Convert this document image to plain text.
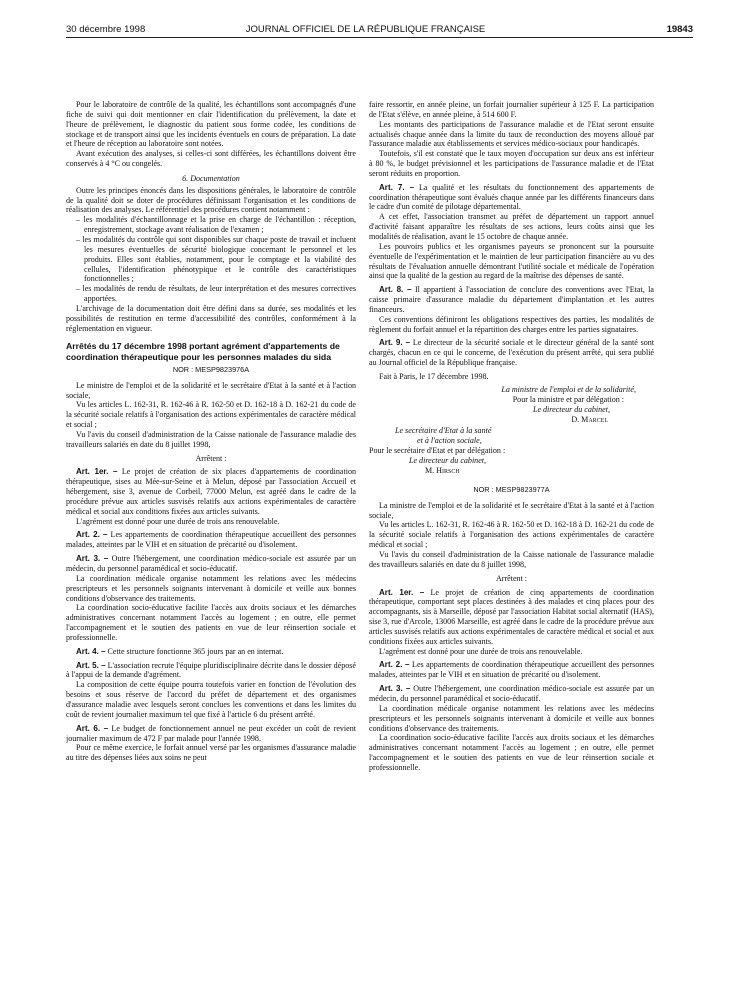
30 décembre 1998	JOURNAL OFFICIEL DE LA RÉPUBLIQUE FRANÇAISE	19843

Pour le laboratoire de contrôle de la qualité, les échantillons sont accompagnés d'une fiche de suivi qui doit mentionner en clair l'identification du prélèvement, la date et l'heure de prélèvement, le diagnostic du patient sous forme codée, les conditions de stockage et de transport ainsi que les incidents éventuels en cours de préparation. La date et l'heure de réception au laboratoire sont notées.

Avant exécution des analyses, si celles-ci sont différées, les échantillons doivent être conservés à 4 °C ou congelés.

6. Documentation

Outre les principes énoncés dans les dispositions générales, le laboratoire de contrôle de la qualité doit se doter de procédures définissant l'organisation et les conditions de réalisation des analyses. Le référentiel des procédures contient notamment :

– les modalités d'échantillonnage et la prise en charge de l'échantillon : réception, enregistrement, stockage avant réalisation de l'examen ;
– les modalités du contrôle qui sont disponibles sur chaque poste de travail et incluent les mesures éventuelles de sécurité biologique concernant le personnel et les produits. Elles sont établies, notamment, pour le comptage et la viabilité des cellules, l'identification phénotypique et le contrôle des caractéristiques fonctionnelles ;
– les modalités de rendu de résultats, de leur interprétation et des mesures correctives apportées.

L'archivage de la documentation doit être défini dans sa durée, ses modalités et les possibilités de restitution en terme d'accessibilité des contrôles, conformément à la réglementation en vigueur.

Arrêtés du 17 décembre 1998 portant agrément d'appartements de coordination thérapeutique pour les personnes malades du sida
NOR : MESP9823976A

Le ministre de l'emploi et de la solidarité et le secrétaire d'Etat à la santé et à l'action sociale,

Vu les articles L. 162-31, R. 162-46 à R. 162-50 et D. 162-18 à D. 162-21 du code de la sécurité sociale relatifs à l'organisation des actions expérimentales de caractère médical et social ;

Vu l'avis du conseil d'administration de la Caisse nationale de l'assurance maladie des travailleurs salariés en date du 8 juillet 1998,

Arrêtent :

Art. 1er. – Le projet de création de six places d'appartements de coordination thérapeutique, sises au Mée-sur-Seine et à Melun, déposé par l'association Accueil et hébergement, sise 3, avenue de Corbeil, 77000 Melun, est agréé dans le cadre de la procédure prévue aux articles susvisés relatifs aux actions expérimentales de caractère médical et social aux conditions fixées aux articles suivants.

L'agrément est donné pour une durée de trois ans renouvelable.

Art. 2. – Les appartements de coordination thérapeutique accueillent des personnes malades, atteintes par le VIH et en situation de précarité ou d'isolement.

Art. 3. – Outre l'hébergement, une coordination médico-sociale est assurée par un médecin, du personnel paramédical et socio-éducatif.

La coordination médicale organise notamment les relations avec les médecins prescripteurs et les personnels soignants intervenant à domicile et veille aux bonnes conditions d'observance des traitements.

La coordination socio-éducative facilite l'accès aux droits sociaux et les démarches administratives concernant notamment l'accès au logement ; en outre, elle permet l'accompagnement et le soutien des patients en vue de leur réinsertion sociale et professionnelle.

Art. 4. – Cette structure fonctionne 365 jours par an en internat.

Art. 5. – L'association recrute l'équipe pluridisciplinaire décrite dans le dossier déposé à l'appui de la demande d'agrément.

La composition de cette équipe pourra toutefois varier en fonction de l'évolution des besoins et sous réserve de l'accord du préfet de département et des organismes d'assurance maladie avec lesquels seront conclues les conventions et dans les limites du coût de revient journalier maximum tel que fixé à l'article 6 du présent arrêté.

Art. 6. – Le budget de fonctionnement annuel ne peut excéder un coût de revient journalier maximum de 472 F par malade pour l'année 1998.

Pour ce même exercice, le forfait annuel versé par les organismes d'assurance maladie au titre des dépenses liées aux soins ne peut

faire ressortir, en année pleine, un forfait journalier supérieur à 125 F. La participation de l'Etat s'élève, en année pleine, à 514 600 F.

Les montants des participations de l'assurance maladie et de l'Etat seront ensuite actualisés chaque année dans la limite du taux de reconduction des moyens alloué par l'assurance maladie aux établissements et services médico-sociaux pour handicapés.

Toutefois, s'il est constaté que le taux moyen d'occupation sur deux ans est inférieur à 80 %, le budget prévisionnel et les participations de l'assurance maladie et de l'Etat seront réduits en proportion.

Art. 7. – La qualité et les résultats du fonctionnement des appartements de coordination thérapeutique sont évalués chaque année par les différents financeurs dans le cadre d'un comité de pilotage départemental.

A cet effet, l'association transmet au préfet de département un rapport annuel d'activité faisant apparaître les résultats de ses actions, leurs coûts ainsi que les modalités de réalisation, avant le 15 octobre de chaque année.

Les pouvoirs publics et les organismes payeurs se prononcent sur la poursuite éventuelle de l'expérimentation et le maintien de leur participation financière au vu des résultats de l'évaluation annuelle démontrant l'utilité sociale et médicale de l'opération ainsi que la qualité de la gestion au regard de la maîtrise des dépenses de santé.

Art. 8. – Il appartient à l'association de conclure des conventions avec l'Etat, la caisse primaire d'assurance maladie du département d'implantation et les autres financeurs.

Ces conventions définiront les obligations respectives des parties, les modalités de règlement du forfait annuel et la répartition des charges entre les parties signataires.

Art. 9. – Le directeur de la sécurité sociale et le directeur général de la santé sont chargés, chacun en ce qui le concerne, de l'exécution du présent arrêté, qui sera publié au Journal officiel de la République française.

Fait à Paris, le 17 décembre 1998.

La ministre de l'emploi et de la solidarité,
Pour la ministre et par délégation :
Le directeur du cabinet,
D. Marcel
Le secrétaire d'Etat à la santé
et à l'action sociale,
Pour le secrétaire d'Etat et par délégation :
Le directeur du cabinet,
M. Hirsch
NOR : MESP9823977A

La ministre de l'emploi et de la solidarité et le secrétaire d'Etat à la santé et à l'action sociale,

Vu les articles L. 162-31, R. 162-46 à R. 162-50 et D. 162-18 à D. 162-21 du code de la sécurité sociale relatifs à l'organisation des actions expérimentales de caractère médical et social ;

Vu l'avis du conseil d'administration de la Caisse nationale de l'assurance maladie des travailleurs salariés en date du 8 juillet 1998,

Arrêtent :

Art. 1er. – Le projet de création de cinq appartements de coordination thérapeutique, comportant sept places destinées à des malades et cinq places pour des accompagnants, sis à Marseille, déposé par l'association Habitat social alternatif (HAS), sise 3, rue d'Arcole, 13006 Marseille, est agréé dans le cadre de la procédure prévue aux articles susvisés relatifs aux actions expérimentales de caractère médical et social et aux conditions fixées aux articles suivants.

L'agrément est donné pour une durée de trois ans renouvelable.

Art. 2. – Les appartements de coordination thérapeutique accueillent des personnes malades, atteintes par le VIH et en situation de précarité ou d'isolement.

Art. 3. – Outre l'hébergement, une coordination médico-sociale est assurée par un médecin, du personnel paramédical et socio-éducatif.

La coordination médicale organise notamment les relations avec les médecins prescripteurs et les personnels soignants intervenant à domicile et veille aux bonnes conditions d'observance des traitements.

La coordination socio-éducative facilite l'accès aux droits sociaux et les démarches administratives concernant notamment l'accès au logement ; en outre, elle permet l'accompagnement et le soutien des patients en vue de leur réinsertion sociale et professionnelle.
